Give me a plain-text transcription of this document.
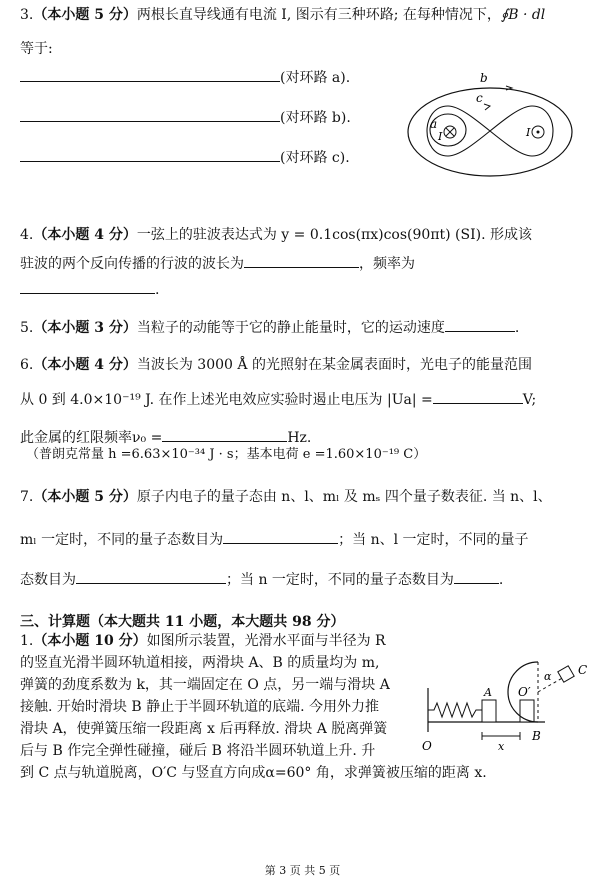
3.（本小题 5 分）两根长直导线通有电流 I, 图示有三种环路; 在每种情况下，∮B · dl
等于:
(对环路 a).
(对环路 b).
(对环路 c).
b
c
a
I	I
4.（本小题 4 分）一弦上的驻波表达式为 y = 0.1cos(πx)cos(90πt) (SI). 形成该
驻波的两个反向传播的行波的波长为	，频率为
.
5.（本小题 3 分）当粒子的动能等于它的静止能量时，它的运动速度	.
6.（本小题 4 分）当波长为 3000 Å 的光照射在某金属表面时，光电子的能量范围
从 0 到 4.0×10⁻¹⁹ J. 在作上述光电效应实验时遏止电压为 |Ua| =	V;
此金属的红限频率ν₀ =	Hz.
（普朗克常量 h =6.63×10⁻³⁴ J · s；基本电荷 e =1.60×10⁻¹⁹ C）
7.（本小题 5 分）原子内电子的量子态由 n、l、mₗ 及 mₛ 四个量子数表征. 当 n、l、
mₗ 一定时，不同的量子态数目为	；当 n、l 一定时，不同的量子
态数目为	；当 n 一定时，不同的量子态数目为	.
三、计算题（本大题共 11 小题，本大题共 98 分）
1.（本小题 10 分）如图所示装置，光滑水平面与半径为 R
的竖直光滑半圆环轨道相接，两滑块 A、B 的质量均为 m,
弹簧的劲度系数为 k，其一端固定在 O 点，另一端与滑块 A
接触. 开始时滑块 B 静止于半圆环轨道的底端. 今用外力推
滑块 A，使弹簧压缩一段距离 x 后再释放. 滑块 A 脱离弹簧
后与 B 作完全弹性碰撞，碰后 B 将沿半圆环轨道上升. 升
到 C 点与轨道脱离，O′C 与竖直方向成α=60° 角，求弹簧被压缩的距离 x.
O
A
B
O′
C
α
x
第 3 页 共 5 页
